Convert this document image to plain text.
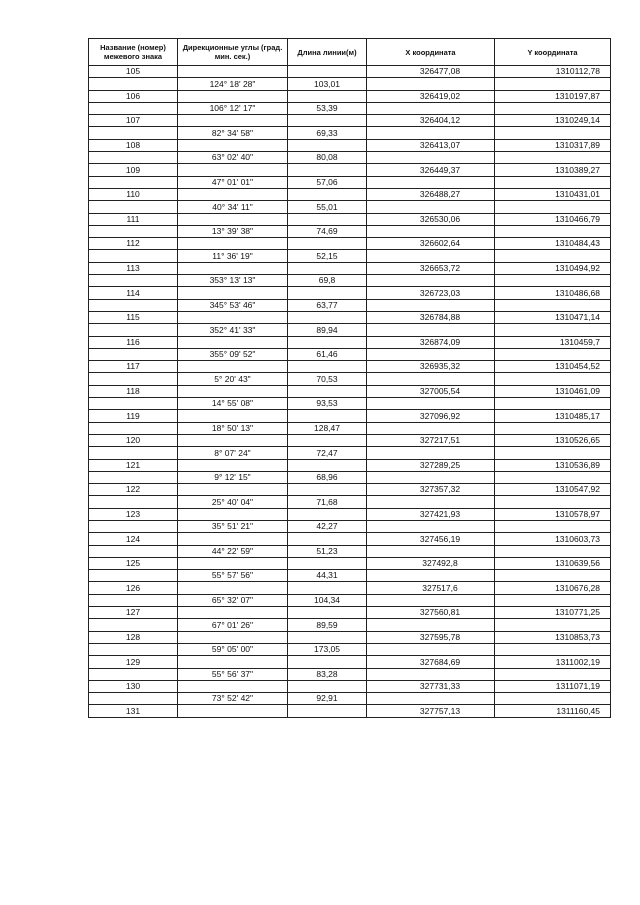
Название (номер) межевого знака	Дирекционные углы (град. мин. сек.)	Длина линии(м)	X координата	Y координата
105			326477,08	1310112,78
	124° 18' 28"	103,01		
106			326419,02	1310197,87
	106° 12' 17"	53,39		
107			326404,12	1310249,14
	82° 34' 58"	69,33		
108			326413,07	1310317,89
	63° 02' 40"	80,08		
109			326449,37	1310389,27
	47° 01' 01"	57,06		
110			326488,27	1310431,01
	40° 34' 11"	55,01		
111			326530,06	1310466,79
	13° 39' 38"	74,69		
112			326602,64	1310484,43
	11° 36' 19"	52,15		
113			326653,72	1310494,92
	353° 13' 13"	69,8		
114			326723,03	1310486,68
	345° 53' 46"	63,77		
115			326784,88	1310471,14
	352° 41' 33"	89,94		
116			326874,09	1310459,7
	355° 09' 52"	61,46		
117			326935,32	1310454,52
	5° 20' 43"	70,53		
118			327005,54	1310461,09
	14° 55' 08"	93,53		
119			327096,92	1310485,17
	18° 50' 13"	128,47		
120			327217,51	1310526,65
	8° 07' 24"	72,47		
121			327289,25	1310536,89
	9° 12' 15"	68,96		
122			327357,32	1310547,92
	25° 40' 04"	71,68		
123			327421,93	1310578,97
	35° 51' 21"	42,27		
124			327456,19	1310603,73
	44° 22' 59"	51,23		
125			327492,8	1310639,56
	55° 57' 56"	44,31		
126			327517,6	1310676,28
	65° 32' 07"	104,34		
127			327560,81	1310771,25
	67° 01' 26"	89,59		
128			327595,78	1310853,73
	59° 05' 00"	173,05		
129			327684,69	1311002,19
	55° 56' 37"	83,28		
130			327731,33	1311071,19
	73° 52' 42"	92,91		
131			327757,13	1311160,45
